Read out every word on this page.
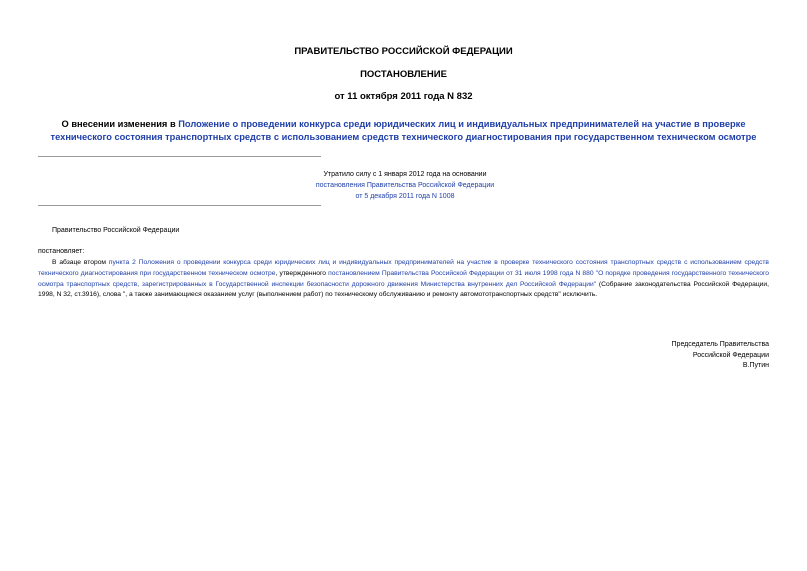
ПРАВИТЕЛЬСТВО РОССИЙСКОЙ ФЕДЕРАЦИИ
ПОСТАНОВЛЕНИЕ
от 11 октября 2011 года N 832
О внесении изменения в Положение о проведении конкурса среди юридических лиц и индивидуальных предпринимателей на участие в проверке технического состояния транспортных средств с использованием средств технического диагностирования при государственном техническом осмотре
Утратило силу с 1 января 2012 года на основании
постановления Правительства Российской Федерации
от 5 декабря 2011 года N 1008
Правительство Российской Федерации
постановляет:
В абзаце втором пункта 2 Положения о проведении конкурса среди юридических лиц и индивидуальных предпринимателей на участие в проверке технического состояния транспортных средств с использованием средств технического диагностирования при государственном техническом осмотре, утвержденного постановлением Правительства Российской Федерации от 31 июля 1998 года N 880 "О порядке проведения государственного технического осмотра транспортных средств, зарегистрированных в Государственной инспекции безопасности дорожного движения Министерства внутренних дел Российской Федерации" (Собрание законодательства Российской Федерации, 1998, N 32, ст.3916), слова ", а также занимающиеся оказанием услуг (выполнением работ) по техническому обслуживанию и ремонту автомототранспортных средств" исключить.
Председатель Правительства
Российской Федерации
В.Путин
